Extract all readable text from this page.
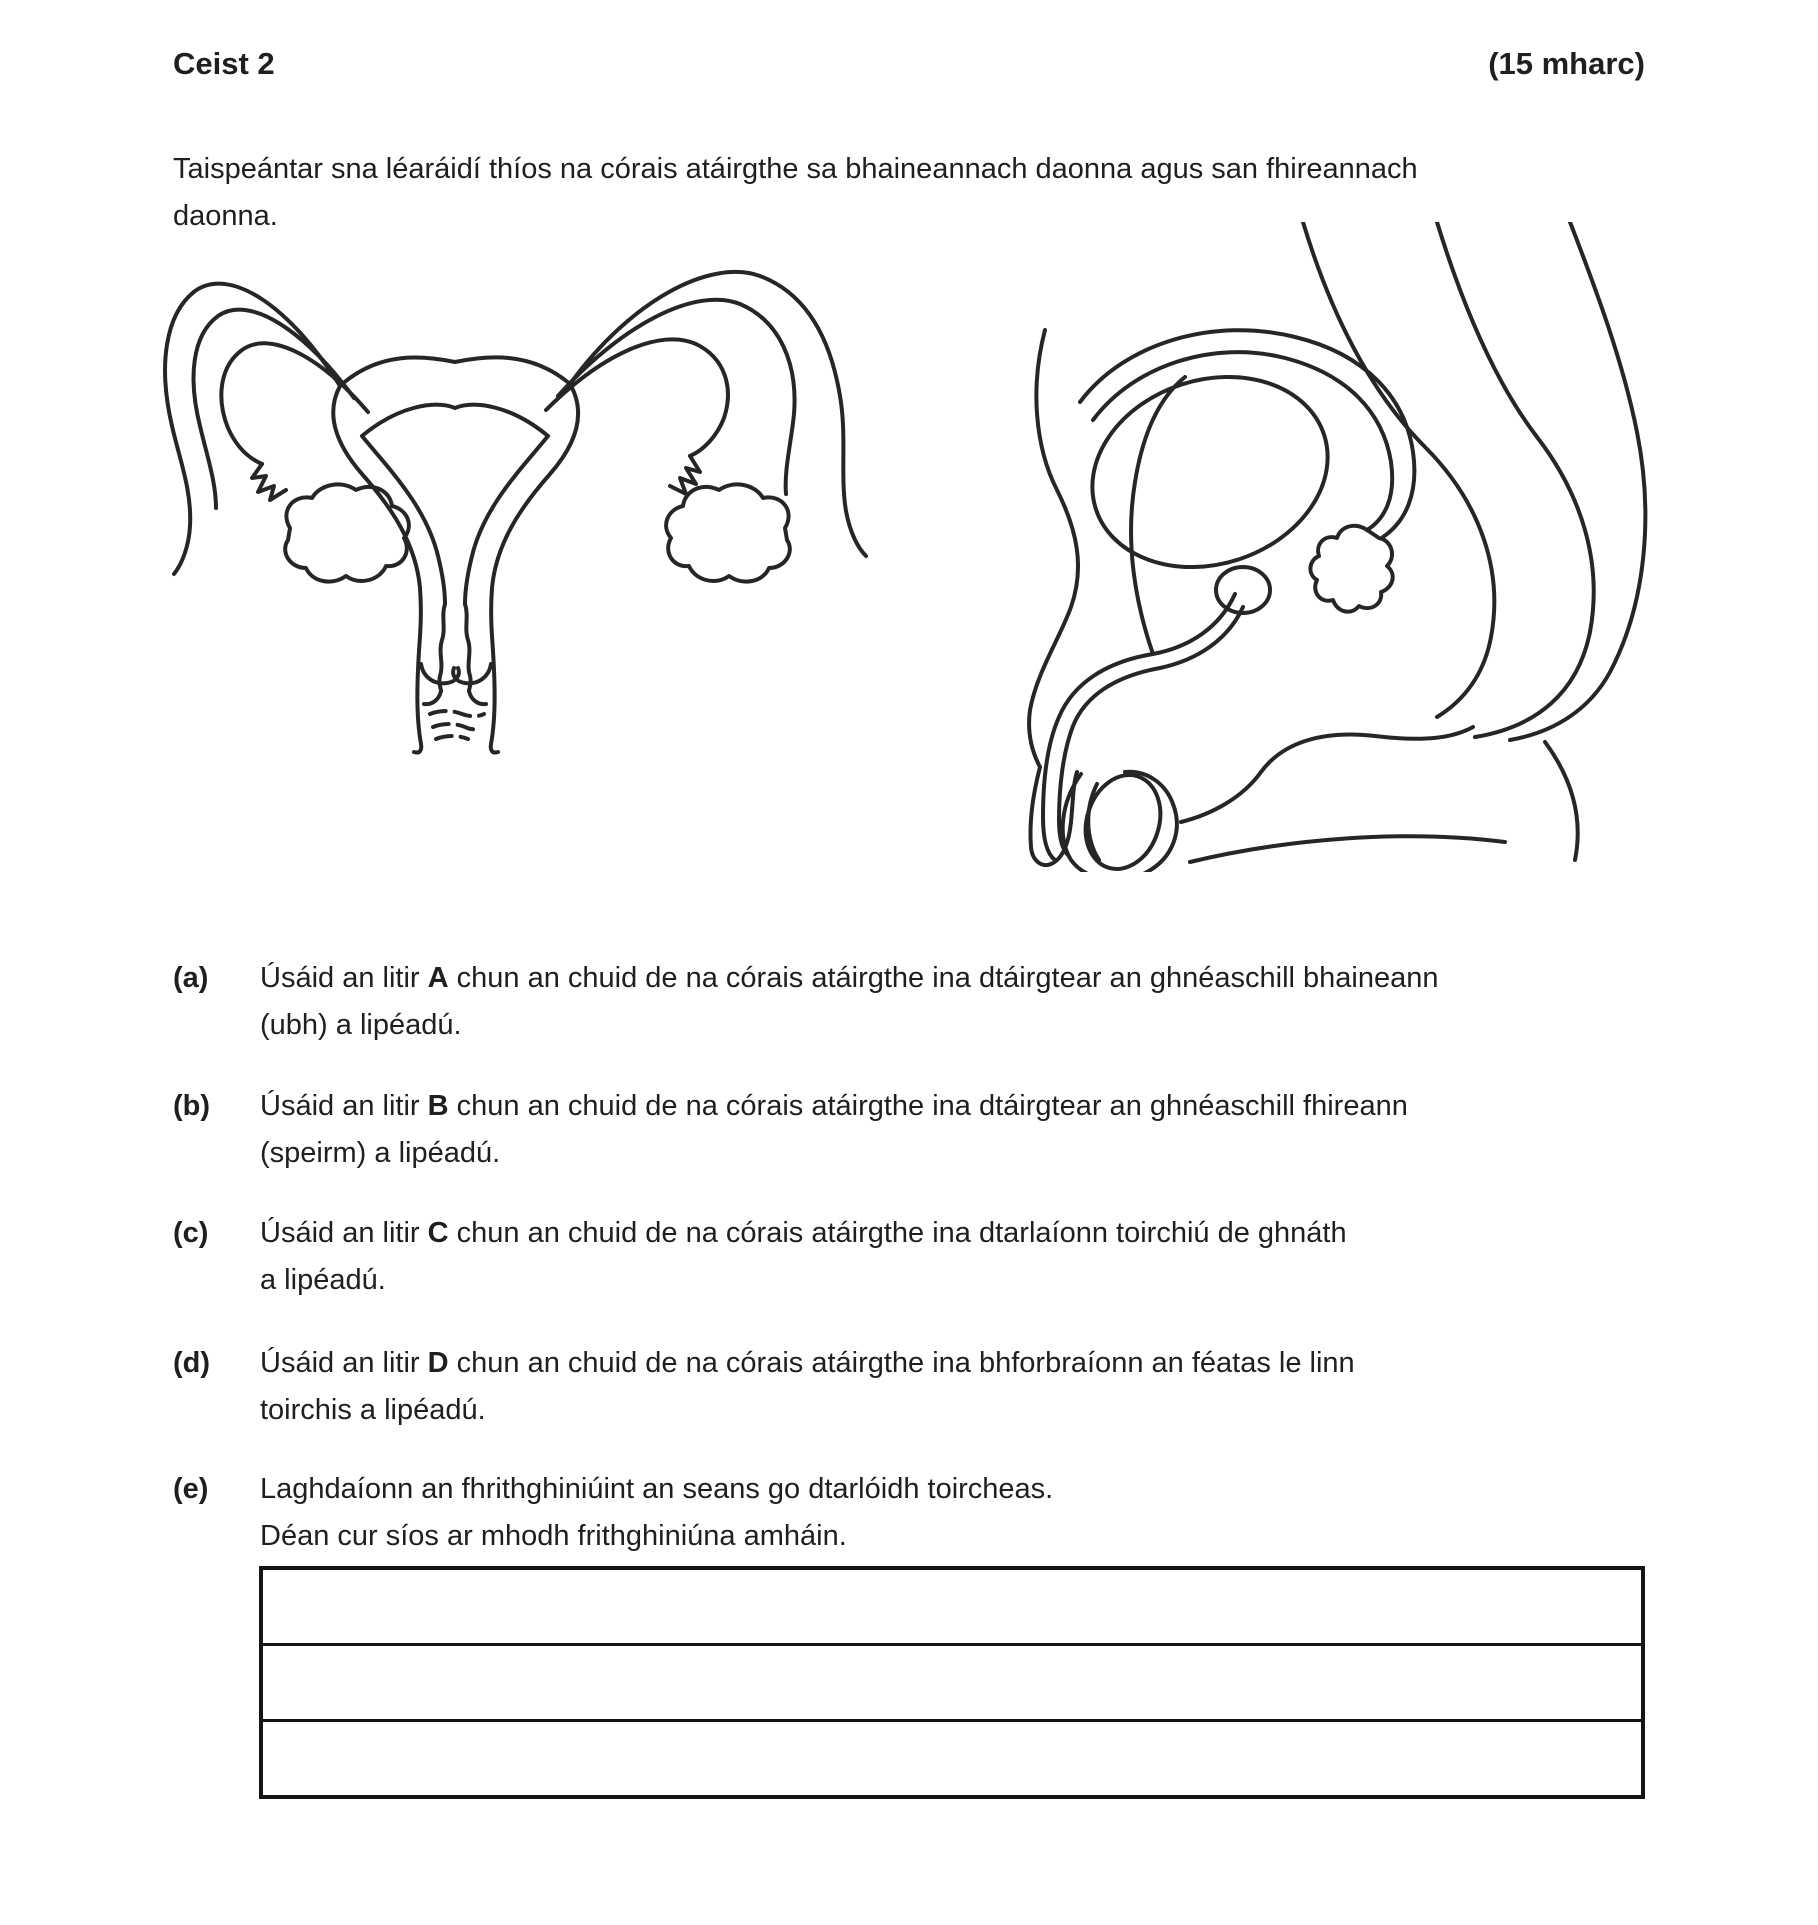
Ceist 2	(15 mharc)
Taispeántar sna léaráidí thíos na córais atáirgthe sa bhaineannach daonna agus san fhireannach
daonna.
(a)	Úsáid an litir A chun an chuid de na córais atáirgthe ina dtáirgtear an ghnéaschill bhaineann
(ubh) a lipéadú.
(b)	Úsáid an litir B chun an chuid de na córais atáirgthe ina dtáirgtear an ghnéaschill fhireann
(speirm) a lipéadú.
(c)	Úsáid an litir C chun an chuid de na córais atáirgthe ina dtarlaíonn toirchiú de ghnáth
a lipéadú.
(d)	Úsáid an litir D chun an chuid de na córais atáirgthe ina bhforbraíonn an féatas le linn
toirchis a lipéadú.
(e)	Laghdaíonn an fhrithghiniúint an seans go dtarlóidh toircheas.
Déan cur síos ar mhodh frithghiniúna amháin.
